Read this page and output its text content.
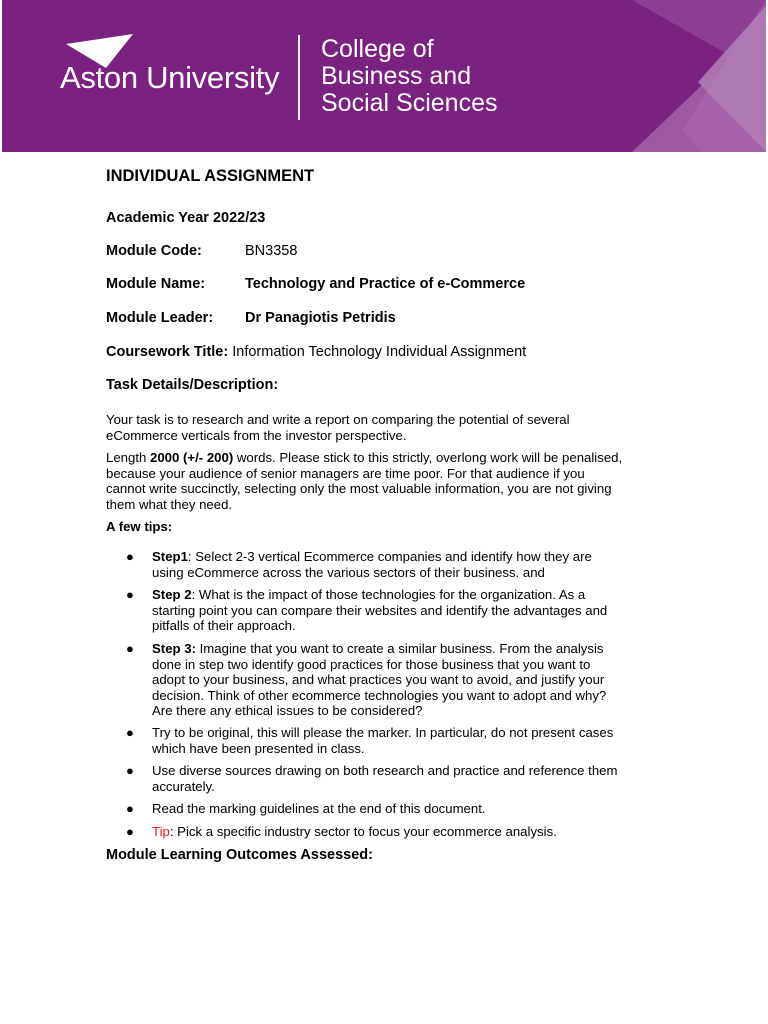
Aston University
College of
Business and
Social Sciences
INDIVIDUAL ASSIGNMENT
Academic Year 2022/23
Module Code:	BN3358
Module Name:	Technology and Practice of e-Commerce
Module Leader: Dr Panagiotis Petridis
Coursework Title: Information Technology Individual Assignment
Task Details/Description:
Your task is to research and write a report on comparing the potential of several eCommerce verticals from the investor perspective.
Length 2000 (+/- 200) words. Please stick to this strictly, overlong work will be penalised, because your audience of senior managers are time poor. For that audience if you cannot write succinctly, selecting only the most valuable information, you are not giving them what they need.
A few tips:
● Step1: Select 2-3 vertical Ecommerce companies and identify how they are using eCommerce across the various sectors of their business. and
● Step 2: What is the impact of those technologies for the organization. As a starting point you can compare their websites and identify the advantages and pitfalls of their approach.
● Step 3: Imagine that you want to create a similar business. From the analysis done in step two identify good practices for those business that you want to adopt to your business, and what practices you want to avoid, and justify your decision. Think of other ecommerce technologies you want to adopt and why? Are there any ethical issues to be considered?
● Try to be original, this will please the marker. In particular, do not present cases which have been presented in class.
● Use diverse sources drawing on both research and practice and reference them accurately.
● Read the marking guidelines at the end of this document.
● Tip: Pick a specific industry sector to focus your ecommerce analysis.
Module Learning Outcomes Assessed:
